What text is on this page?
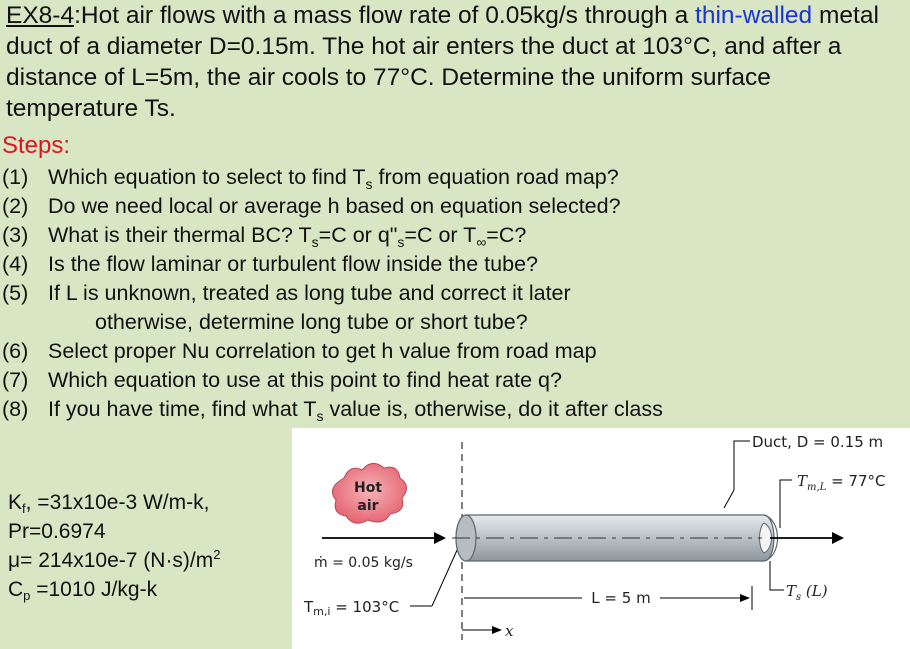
EX8-4:Hot air flows with a mass flow rate of 0.05kg/s through a thin-walled metal duct of a diameter D=0.15m. The hot air enters the duct at 103°C, and after a distance of L=5m, the air cools to 77°C. Determine the uniform surface temperature Ts.

Steps:

(1) Which equation to select to find $T_s$ from equation road map?
(2) Do we need local or average h based on equation selected?
(3) What is their thermal BC? $T_s=C$ or $q"_s=C$ or $T_\infty=C$?
(4) Is the flow laminar or turbulent flow inside the tube?
(5) If L is unknown, treated as long tube and correct it later
otherwise, determine long tube or short tube?
(6) Select proper Nu correlation to get h value from road map
(7) Which equation to use at this point to find heat rate q?
(8) If you have time, find what $T_s$ value is, otherwise, do it after class
$K_f$, =31x10e-3 W/m-k,
Pr=0.6974
μ= 214x10e-7 $(N\cdot s)/m^2$
$C_p =1010$ J/kg-k
Hot
air
ṁ = 0.05 kg/s
$T_{m,i} = 103^\circ C$
Duct, D = 0.15 m
$T_{m,L} = 77^\circ C$
$T_s$ (L)
L = 5 m
x
